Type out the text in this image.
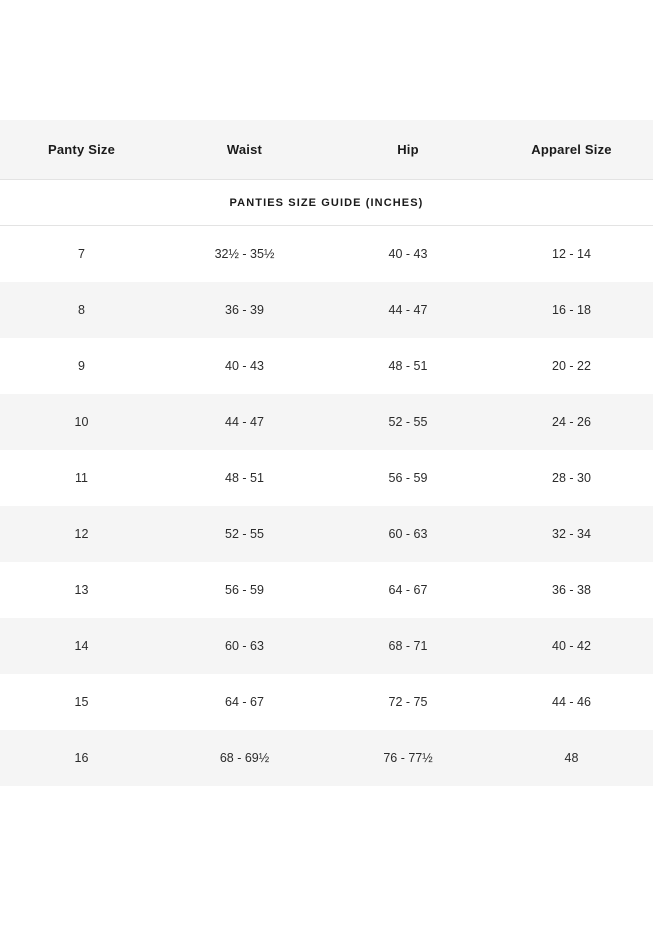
PANTIES SIZE GUIDE (INCHES)			
Panty Size	Waist	Hip	Apparel Size
7	32½ - 35½	40 - 43	12 - 14
8	36 - 39	44 - 47	16 - 18
9	40 - 43	48 - 51	20 - 22
10	44 - 47	52 - 55	24 - 26
11	48 - 51	56 - 59	28 - 30
12	52 - 55	60 - 63	32 - 34
13	56 - 59	64 - 67	36 - 38
14	60 - 63	68 - 71	40 - 42
15	64 - 67	72 - 75	44 - 46
16	68 - 69½	76 - 77½	48
